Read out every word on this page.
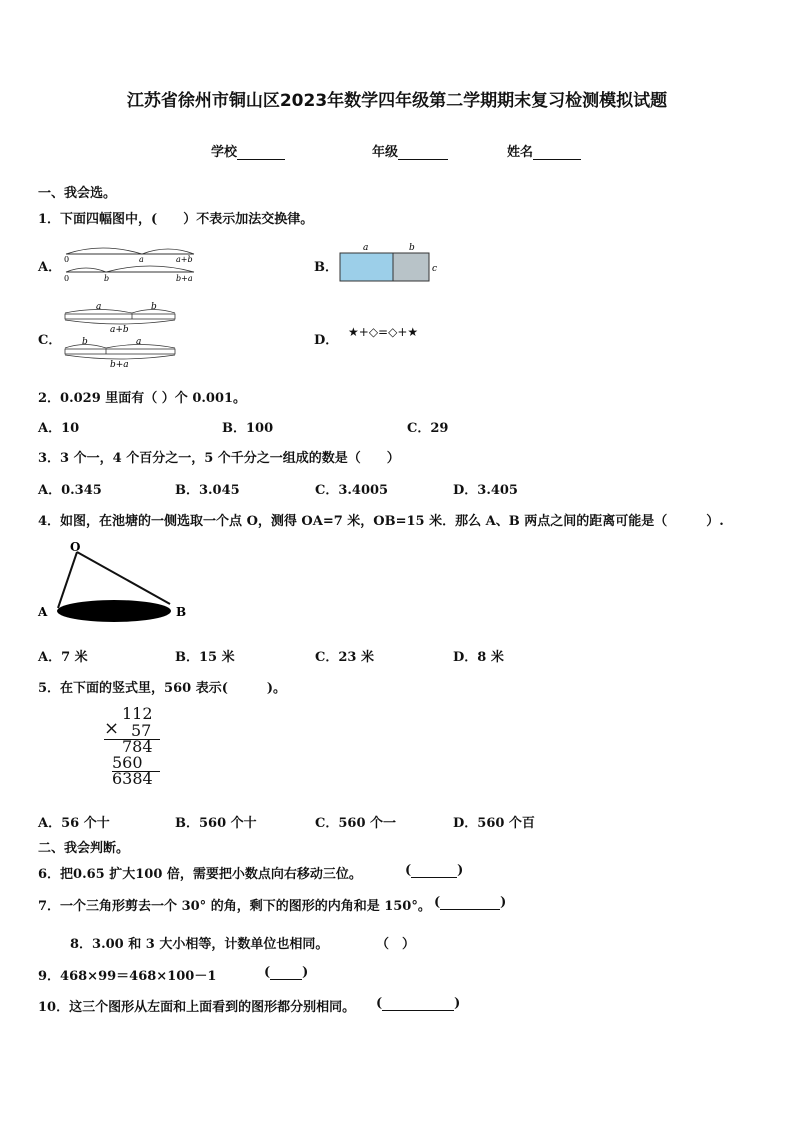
江苏省徐州市铜山区2023年数学四年级第二学期期末复习检测模拟试题
学校	年级	姓名
一、我会选。
1．下面四幅图中，(　　）不表示加法交换律。
A．
0	a	a+b
0	b	b+a
B．
a	b
c
C．
a	b
a+b
b	a
b+a
D．
★+◇=◇+★
2．0.029 里面有（ ）个 0.001。
A．10	B．100	C．29
3．3 个一，4 个百分之一，5 个千分之一组成的数是（　　）
A．0.345	B．3.045	C．3.4005	D．3.405
4．如图，在池塘的一侧选取一个点 O，测得 OA=7 米，OB=15 米．那么 A、B 两点之间的距离可能是（　　　）.
O
A	B
A．7 米	B．15 米	C．23 米	D．8 米
5．在下面的竖式里，560 表示(　　　)。
112
× 57
784
560
6384
A．56 个十	B．560 个十	C．560 个一	D．560 个百
二、我会判断。
6．把0.65 扩大100 倍，需要把小数点向右移动三位。	(	)
7．一个三角形剪去一个 30° 的角，剩下的图形的内角和是 150°。 (	)
8．3.00 和 3 大小相等，计数单位也相同。	（　）
9．468×99＝468×100－1	( )
10．这三个图形从左面和上面看到的图形都分别相同。 (	)
